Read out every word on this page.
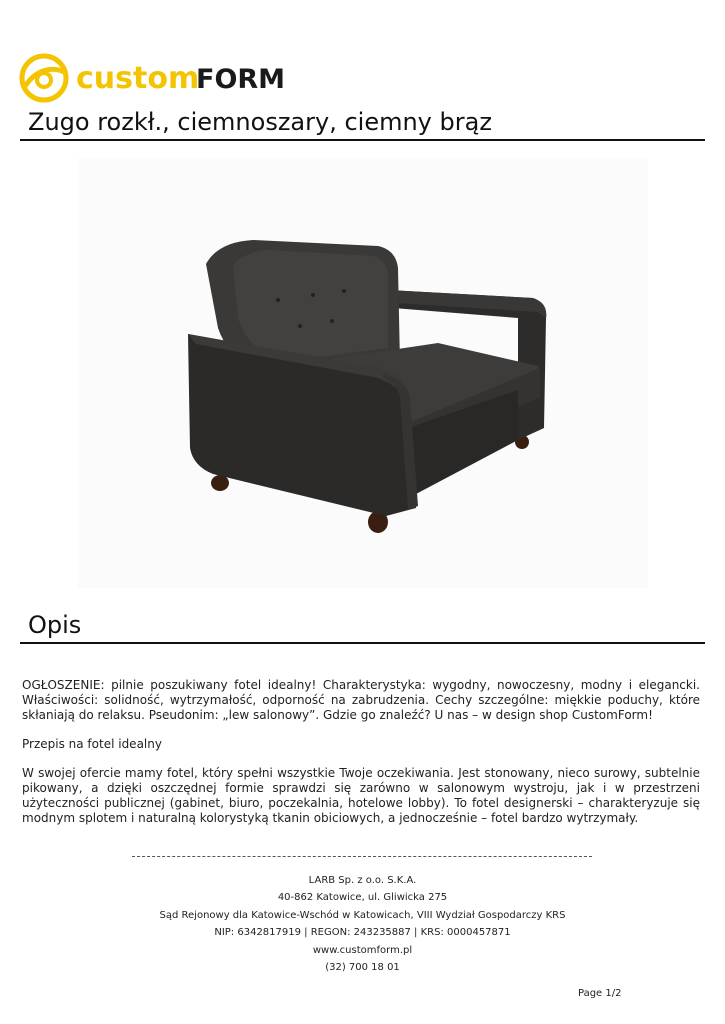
custom
FORM
Zugo rozkł., ciemnoszary, ciemny brąz
Opis

OGŁOSZENIE: pilnie poszukiwany fotel idealny! Charakterystyka: wygodny, nowoczesny, modny i elegancki. Właściwości: solidność, wytrzymałość, odporność na zabrudzenia. Cechy szczególne: miękkie poduchy, które skłaniają do relaksu. Pseudonim: „lew salonowy”. Gdzie go znaleźć? U nas – w design shop CustomForm!

Przepis na fotel idealny

W swojej ofercie mamy fotel, który spełni wszystkie Twoje oczekiwania. Jest stonowany, nieco surowy, subtelnie pikowany, a dzięki oszczędnej formie sprawdzi się zarówno w salonowym wystroju, jak i w przestrzeni użyteczności publicznej (gabinet, biuro, poczekalnia, hotelowe lobby). To fotel designerski – charakteryzuje się modnym splotem i naturalną kolorystyką tkanin obiciowych, a jednocześnie – fotel bardzo wytrzymały.

LARB Sp. z o.o. S.K.A.
40-862 Katowice, ul. Gliwicka 275
Sąd Rejonowy dla Katowice-Wschód w Katowicach, VIII Wydział Gospodarczy KRS
NIP: 6342817919 | REGON: 243235887 | KRS: 0000457871
www.customform.pl
(32) 700 18 01
Page 1/2
